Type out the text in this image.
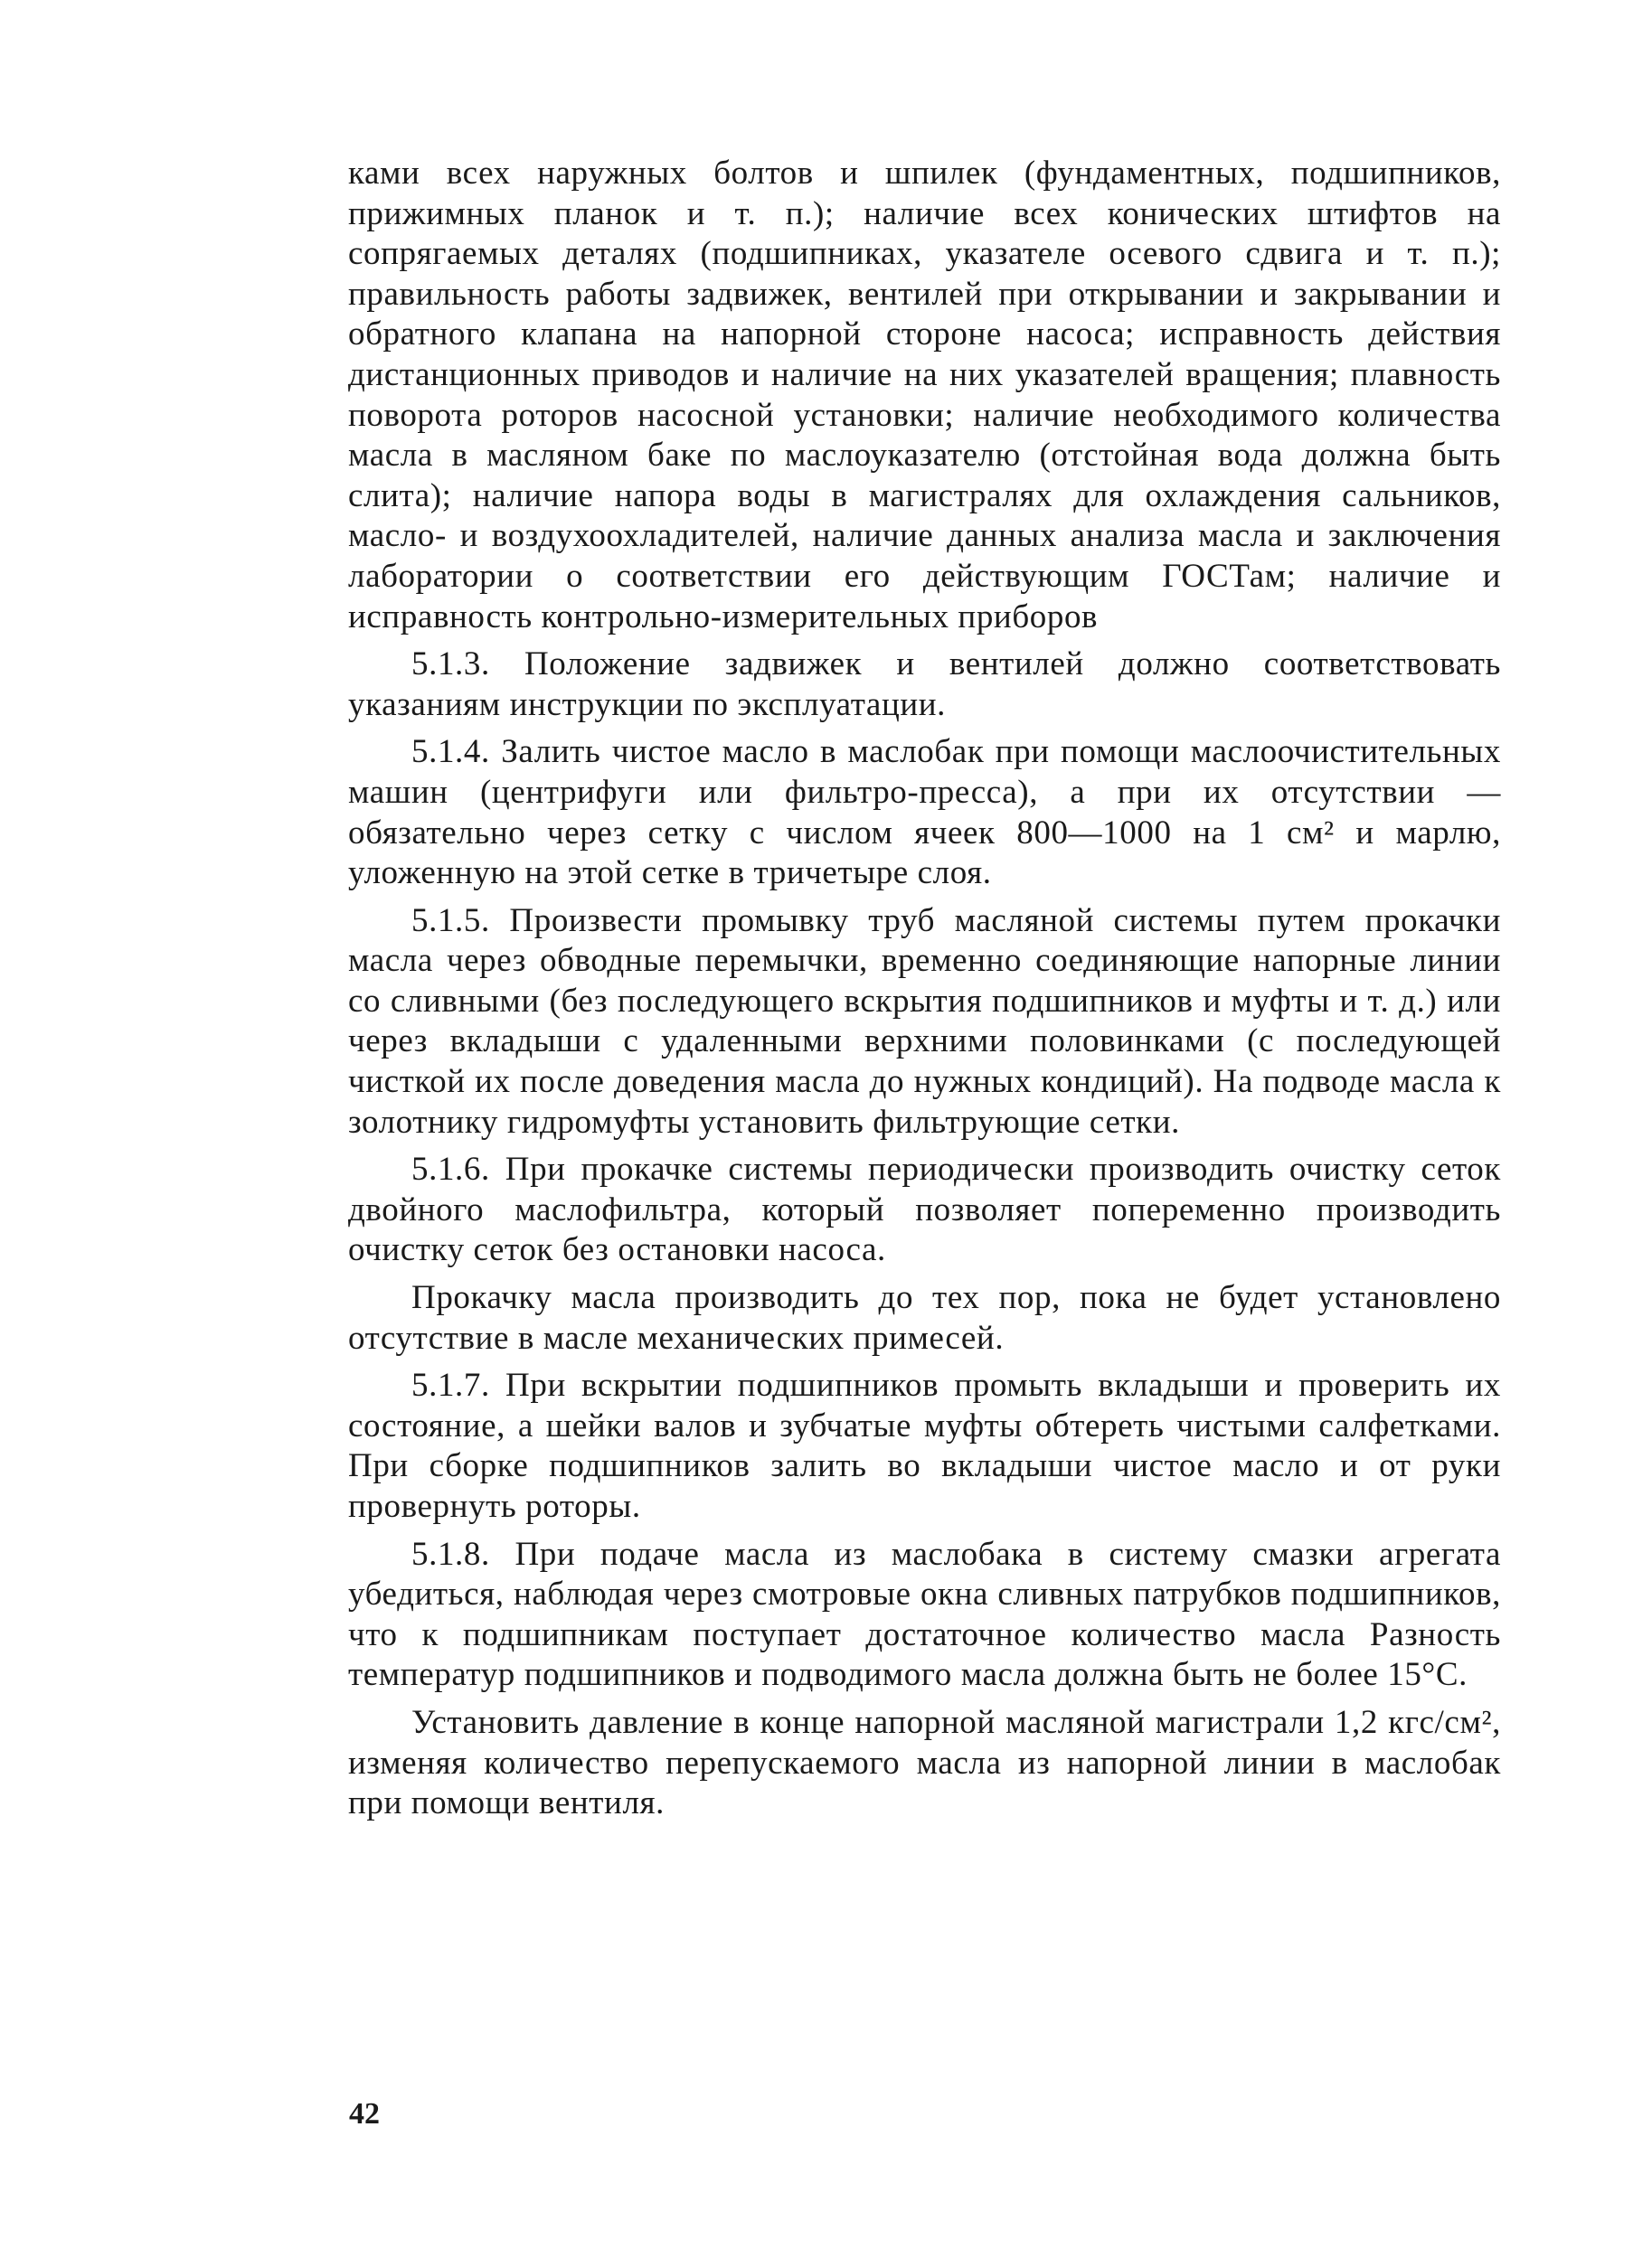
ками всех наружных болтов и шпилек (фундаментных, подшипников, прижимных планок и т. п.); наличие всех конических штифтов на сопрягаемых деталях (подшипниках, указателе осевого сдвига и т. п.); правильность работы задвижек, вентилей при открывании и закрывании и обратного клапана на напорной стороне насоса; исправность действия дистанционных приводов и наличие на них указателей вращения; плавность поворота роторов насосной установки; наличие необходимого количества масла в масляном баке по маслоуказателю (отстойная вода должна быть слита); наличие напора воды в магистралях для охлаждения сальников, масло- и воздухоохладителей, наличие данных анализа масла и заключения лаборатории о соответствии его действующим ГОСТам; наличие и исправность контрольно-измерительных приборов

5.1.3. Положение задвижек и вентилей должно соответствовать указаниям инструкции по эксплуатации.

5.1.4. Залить чистое масло в маслобак при помощи маслоочистительных машин (центрифуги или фильтро-пресса), а при их отсутствии — обязательно через сетку с числом ячеек 800—1000 на 1 см² и марлю, уложенную на этой сетке в тричетыре слоя.

5.1.5. Произвести промывку труб масляной системы путем прокачки масла через обводные перемычки, временно соединяющие напорные линии со сливными (без последующего вскрытия подшипников и муфты и т. д.) или через вкладыши с удаленными верхними половинками (с последующей чисткой их после доведения масла до нужных кондиций). На подводе масла к золотнику гидромуфты установить фильтрующие сетки.

5.1.6. При прокачке системы периодически производить очистку сеток двойного маслофильтра, который позволяет попеременно производить очистку сеток без остановки насоса.

Прокачку масла производить до тех пор, пока не будет установлено отсутствие в масле механических примесей.

5.1.7. При вскрытии подшипников промыть вкладыши и проверить их состояние, а шейки валов и зубчатые муфты обтереть чистыми салфетками. При сборке подшипников залить во вкладыши чистое масло и от руки провернуть роторы.

5.1.8. При подаче масла из маслобака в систему смазки агрегата убедиться, наблюдая через смотровые окна сливных патрубков подшипников, что к подшипникам поступает достаточное количество масла Разность температур подшипников и подводимого масла должна быть не более 15°С.

Установить давление в конце напорной масляной магистрали 1,2 кгс/см², изменяя количество перепускаемого масла из напорной линии в маслобак при помощи вентиля.

42
